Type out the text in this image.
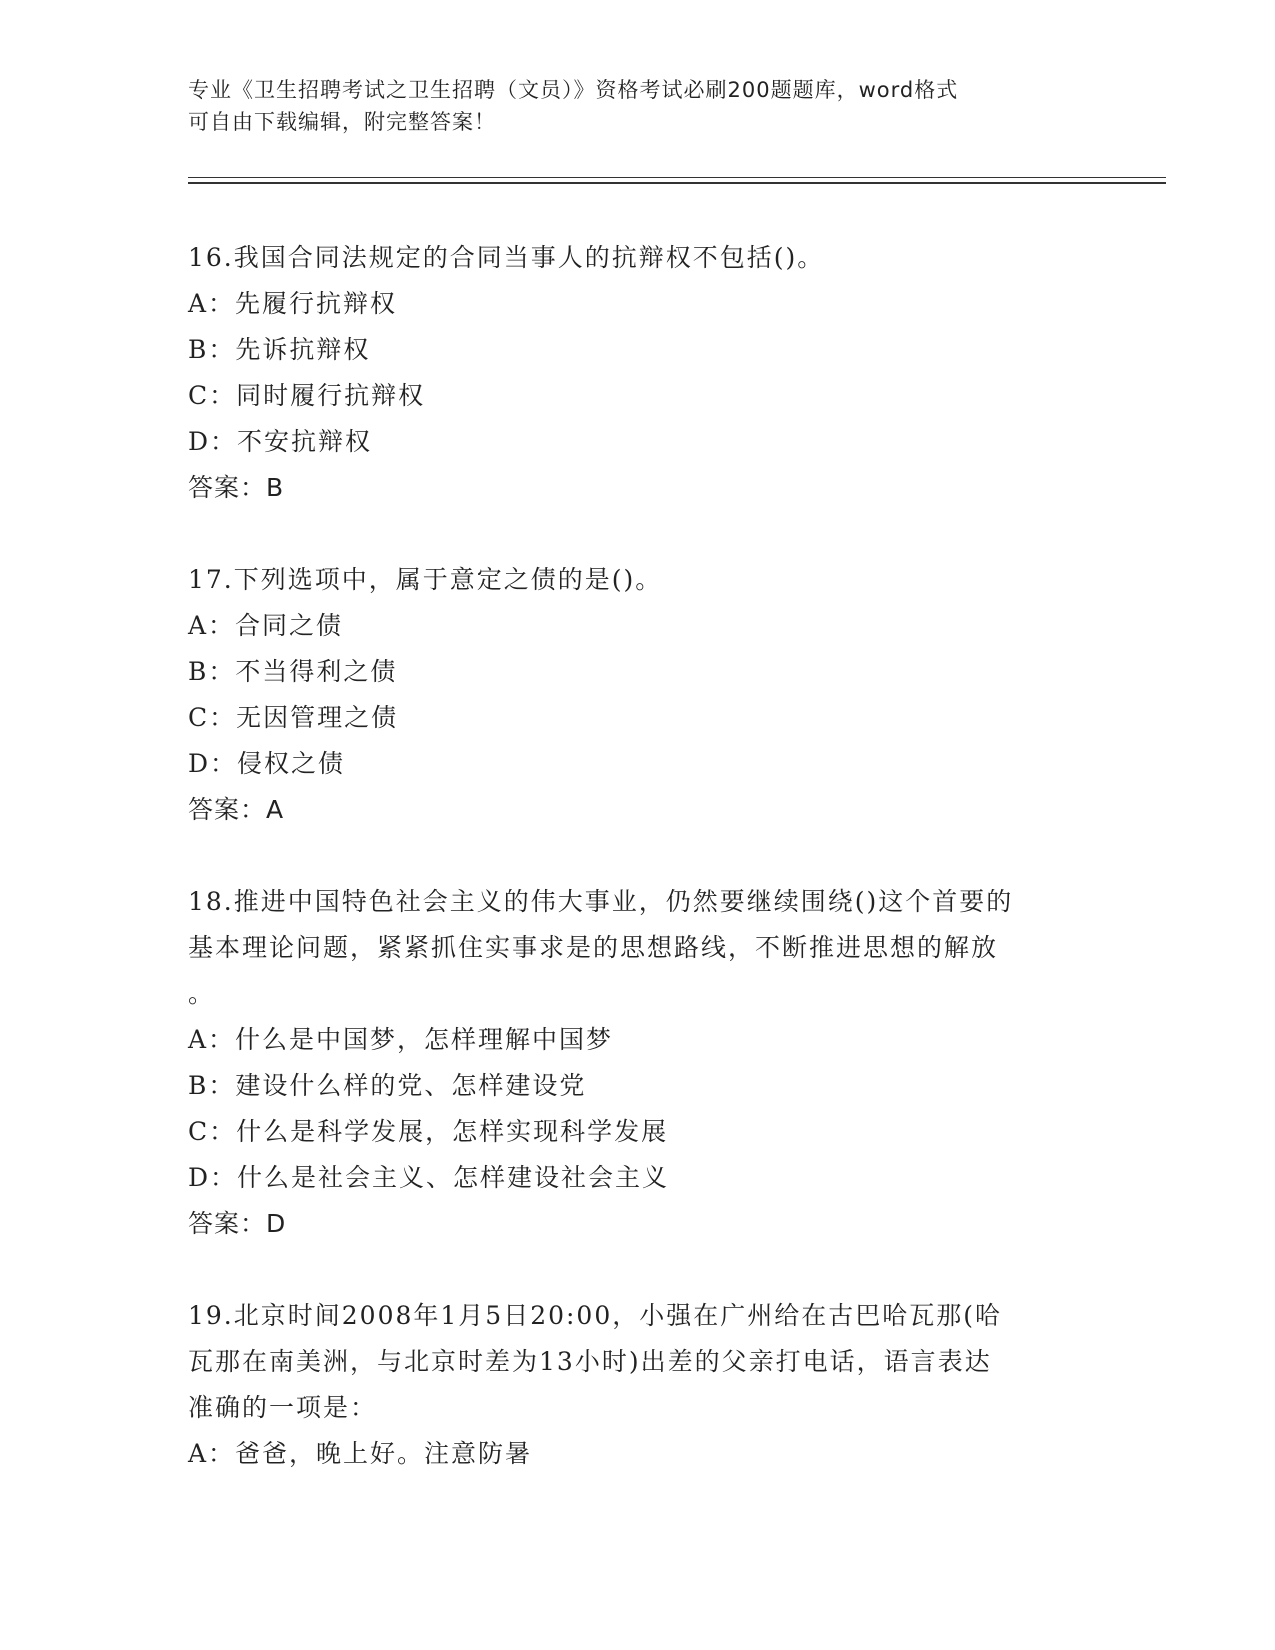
专业《卫生招聘考试之卫生招聘（文员）》资格考试必刷200题题库，word格式
可自由下载编辑，附完整答案！
16.我国合同法规定的合同当事人的抗辩权不包括()。
A：先履行抗辩权
B：先诉抗辩权
C：同时履行抗辩权
D：不安抗辩权
答案：B
17.下列选项中，属于意定之债的是()。
A：合同之债
B：不当得利之债
C：无因管理之债
D：侵权之债
答案：A
18.推进中国特色社会主义的伟大事业，仍然要继续围绕()这个首要的
基本理论问题，紧紧抓住实事求是的思想路线，不断推进思想的解放
。
A：什么是中国梦，怎样理解中国梦
B：建设什么样的党、怎样建设党
C：什么是科学发展，怎样实现科学发展
D：什么是社会主义、怎样建设社会主义
答案：D
19.北京时间2008年1月5日20:00，小强在广州给在古巴哈瓦那(哈
瓦那在南美洲，与北京时差为13小时)出差的父亲打电话，语言表达
准确的一项是：
A：爸爸，晚上好。注意防暑
